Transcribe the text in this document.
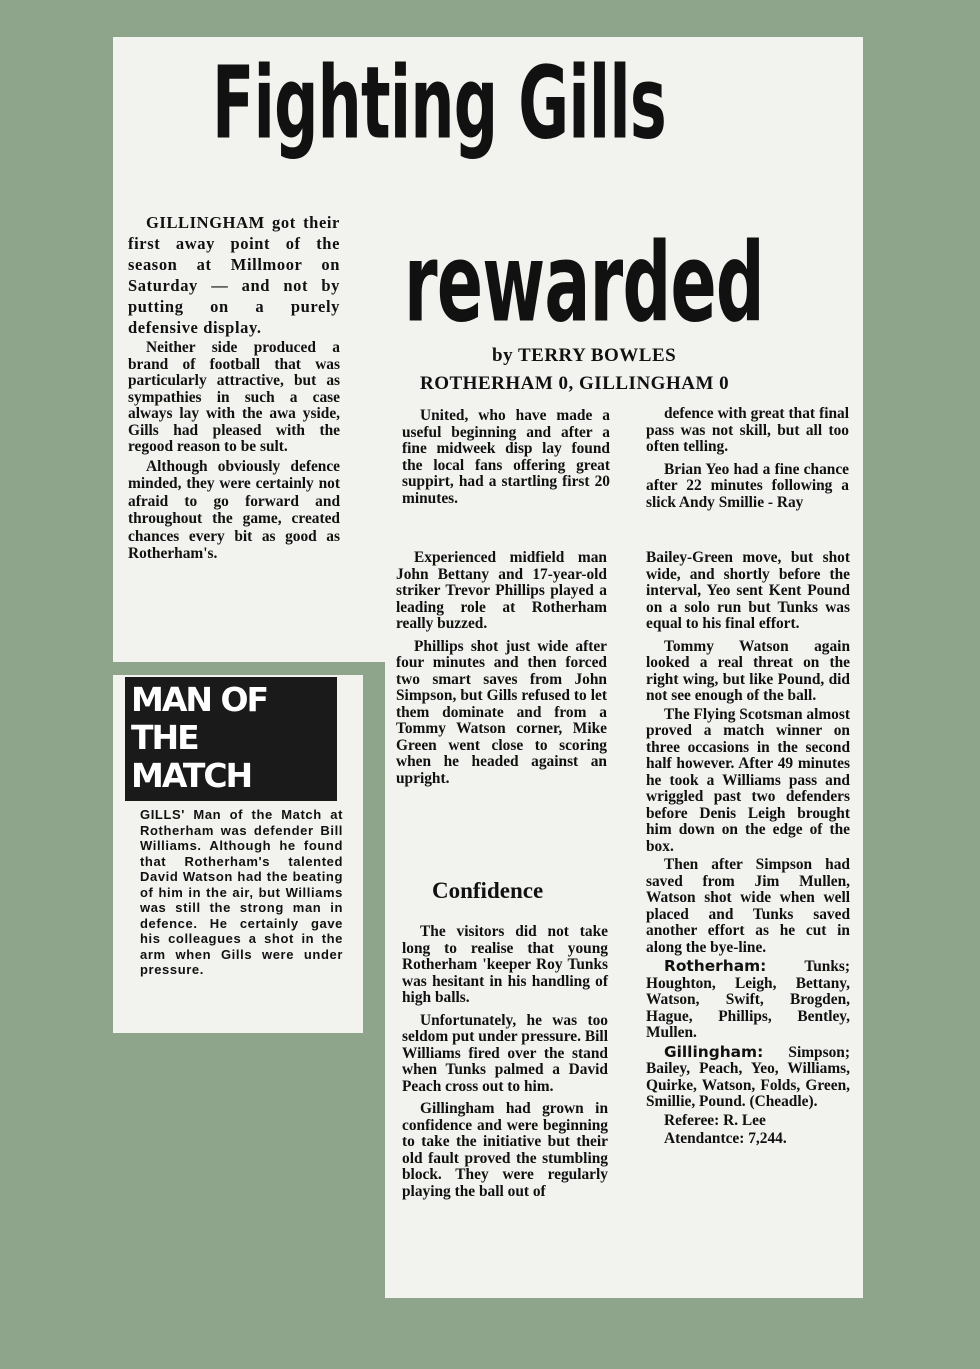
Fighting Gills
rewarded
by TERRY BOWLES
ROTHERHAM 0, GILLINGHAM 0

GILLINGHAM got their first away point of the season at Millmoor on Saturday — and not by putting on a purely defensive display.

Neither side produced a brand of football that was particularly attractive, but as sympathies in such a case always lay with the awa yside, Gills had pleased with the regood reason to be sult.

Although obviously defence minded, they were certainly not afraid to go forward and throughout the game, created chances every bit as good as Rotherham's.

MAN OF
THE
MATCH
GILLS' Man of the Match at Rotherham was defender Bill Williams. Although he found that Rotherham's talented David Watson had the beating of him in the air, but Williams was still the strong man in defence. He certainly gave his colleagues a shot in the arm when Gills were under pressure.

United, who have made a useful beginning and after a fine midweek disp lay found the local fans offering great suppirt, had a startling first 20 minutes.

defence with great that final pass was not skill, but all too often telling.

Brian Yeo had a fine chance after 22 minutes following a slick Andy Smillie - Ray

Experienced midfield man John Bettany and 17-year-old striker Trevor Phillips played a leading role at Rotherham really buzzed.

Phillips shot just wide after four minutes and then forced two smart saves from John Simpson, but Gills refused to let them dominate and from a Tommy Watson corner, Mike Green went close to scoring when he headed against an upright.

Confidence

The visitors did not take long to realise that young Rotherham 'keeper Roy Tunks was hesitant in his handling of high balls.

Unfortunately, he was too seldom put under pressure. Bill Williams fired over the stand when Tunks palmed a David Peach cross out to him.

Gillingham had grown in confidence and were beginning to take the initiative but their old fault proved the stumbling block. They were regularly playing the ball out of

Bailey-Green move, but shot wide, and shortly before the interval, Yeo sent Kent Pound on a solo run but Tunks was equal to his final effort.

Tommy Watson again looked a real threat on the right wing, but like Pound, did not see enough of the ball.

The Flying Scotsman almost proved a match winner on three occasions in the second half however. After 49 minutes he took a Williams pass and wriggled past two defenders before Denis Leigh brought him down on the edge of the box.

Then after Simpson had saved from Jim Mullen, Watson shot wide when well placed and Tunks saved another effort as he cut in along the bye-line.

Rotherham: Tunks; Houghton, Leigh, Bettany, Watson, Swift, Brogden, Hague, Phillips, Bentley, Mullen.

Gillingham: Simpson; Bailey, Peach, Yeo, Williams, Quirke, Watson, Folds, Green, Smillie, Pound. (Cheadle).

Referee: R. Lee

Atendantce: 7,244.
